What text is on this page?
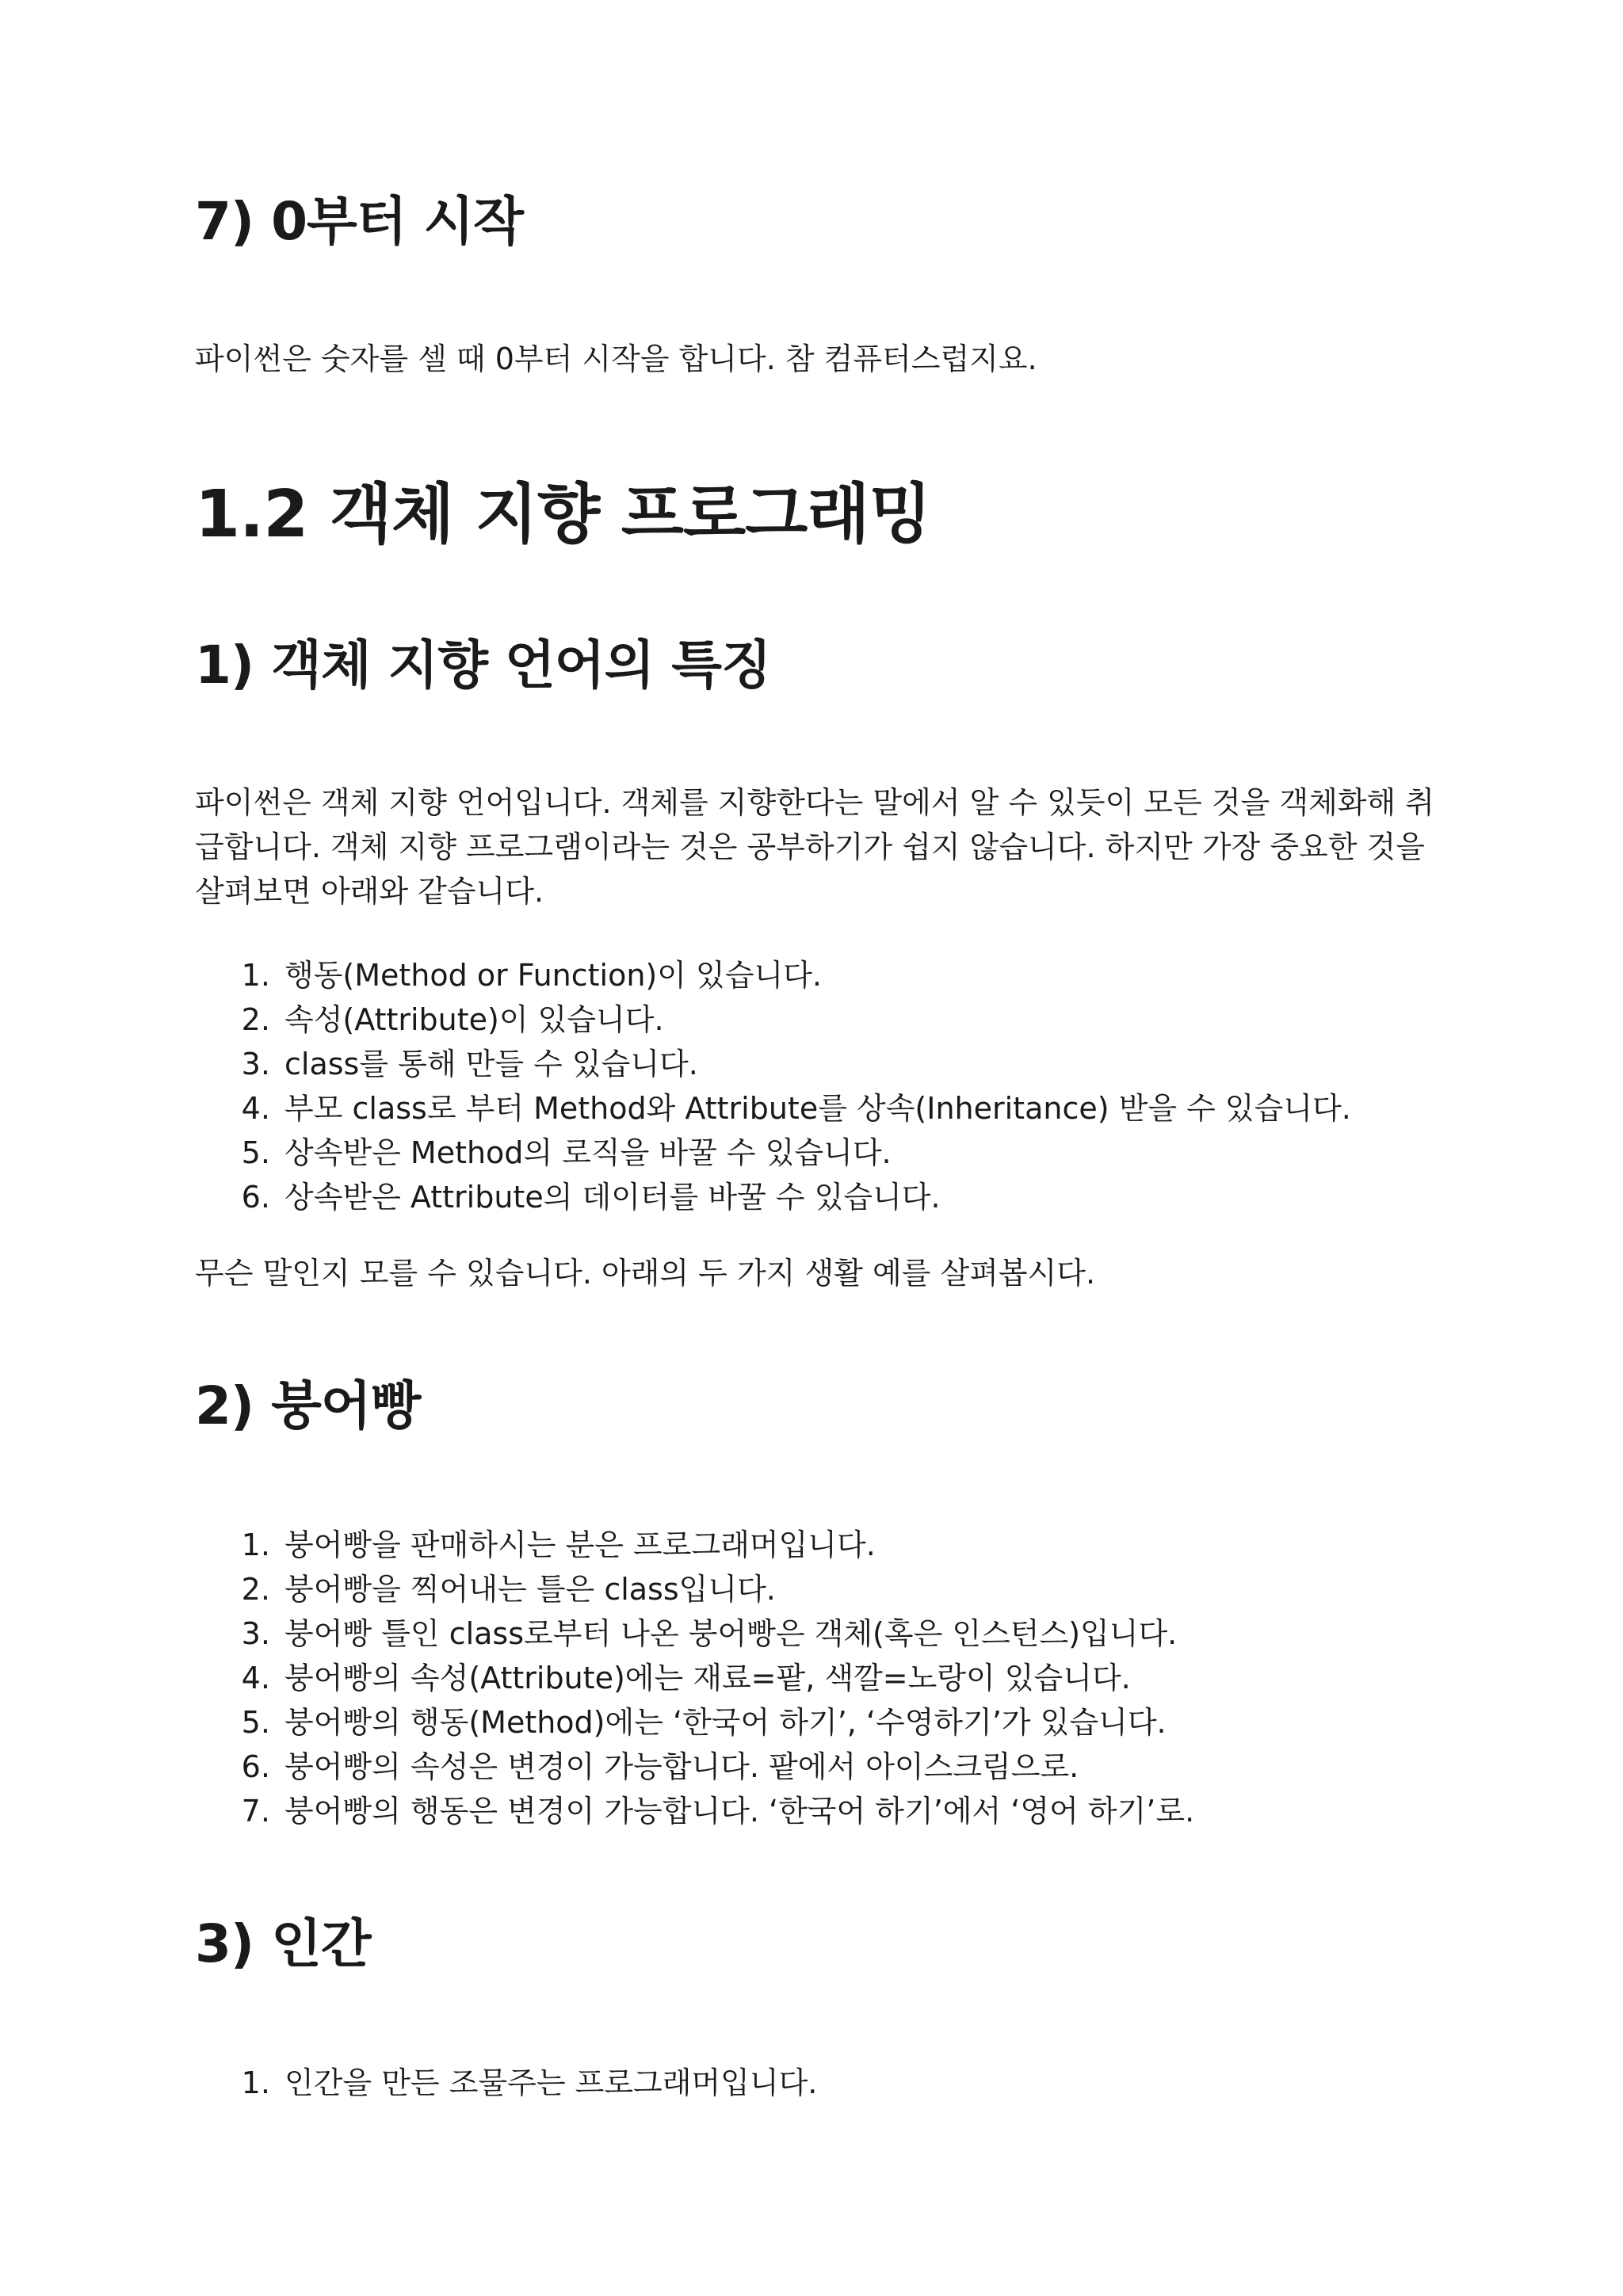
7) 0부터 시작

파이썬은 숫자를 셀 때 0부터 시작을 합니다. 참 컴퓨터스럽지요.

1.2 객체 지향 프로그래밍
1) 객체 지향 언어의 특징

파이썬은 객체 지향 언어입니다. 객체를 지향한다는 말에서 알 수 있듯이 모든 것을 객체화해 취급합니다. 객체 지향 프로그램이라는 것은 공부하기가 쉽지 않습니다. 하지만 가장 중요한 것을 살펴보면 아래와 같습니다.

1. 행동(Method or Function)이 있습니다.
2. 속성(Attribute)이 있습니다.
3. class를 통해 만들 수 있습니다.
4. 부모 class로 부터 Method와 Attribute를 상속(Inheritance) 받을 수 있습니다.
5. 상속받은 Method의 로직을 바꿀 수 있습니다.
6. 상속받은 Attribute의 데이터를 바꿀 수 있습니다.

무슨 말인지 모를 수 있습니다. 아래의 두 가지 생활 예를 살펴봅시다.

2) 붕어빵
1. 붕어빵을 판매하시는 분은 프로그래머입니다.
2. 붕어빵을 찍어내는 틀은 class입니다.
3. 붕어빵 틀인 class로부터 나온 붕어빵은 객체(혹은 인스턴스)입니다.
4. 붕어빵의 속성(Attribute)에는 재료=팥, 색깔=노랑이 있습니다.
5. 붕어빵의 행동(Method)에는 ‘한국어 하기’, ‘수영하기’가 있습니다.
6. 붕어빵의 속성은 변경이 가능합니다. 팥에서 아이스크림으로.
7. 붕어빵의 행동은 변경이 가능합니다. ‘한국어 하기’에서 ‘영어 하기’로.
3) 인간
1. 인간을 만든 조물주는 프로그래머입니다.
